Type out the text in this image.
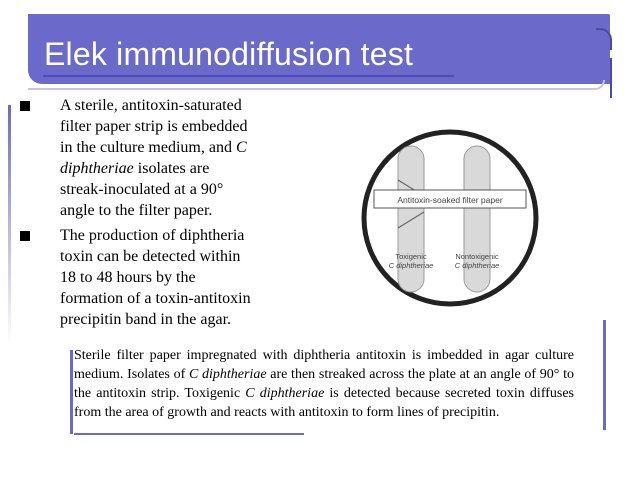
Elek immunodiffusion test
A sterile, antitoxin-saturated
filter paper strip is embedded
in the culture medium, and C
diphtheriae isolates are
streak-inoculated at a 90°
angle to the filter paper.
The production of diphtheria
toxin can be detected within
18 to 48 hours by the
formation of a toxin-antitoxin
precipitin band in the agar.
Antitoxin-soaked filter paper
Toxigenic
C diphtheriae
Nontoxigenic
C diphtheriae
Sterile filter paper impregnated with diphtheria antitoxin is imbedded in agar culture medium. Isolates of C diphtheriae are then streaked across the plate at an angle of 90° to the antitoxin strip. Toxigenic C diphtheriae is detected because secreted toxin diffuses from the area of growth and reacts with antitoxin to form lines of precipitin.
